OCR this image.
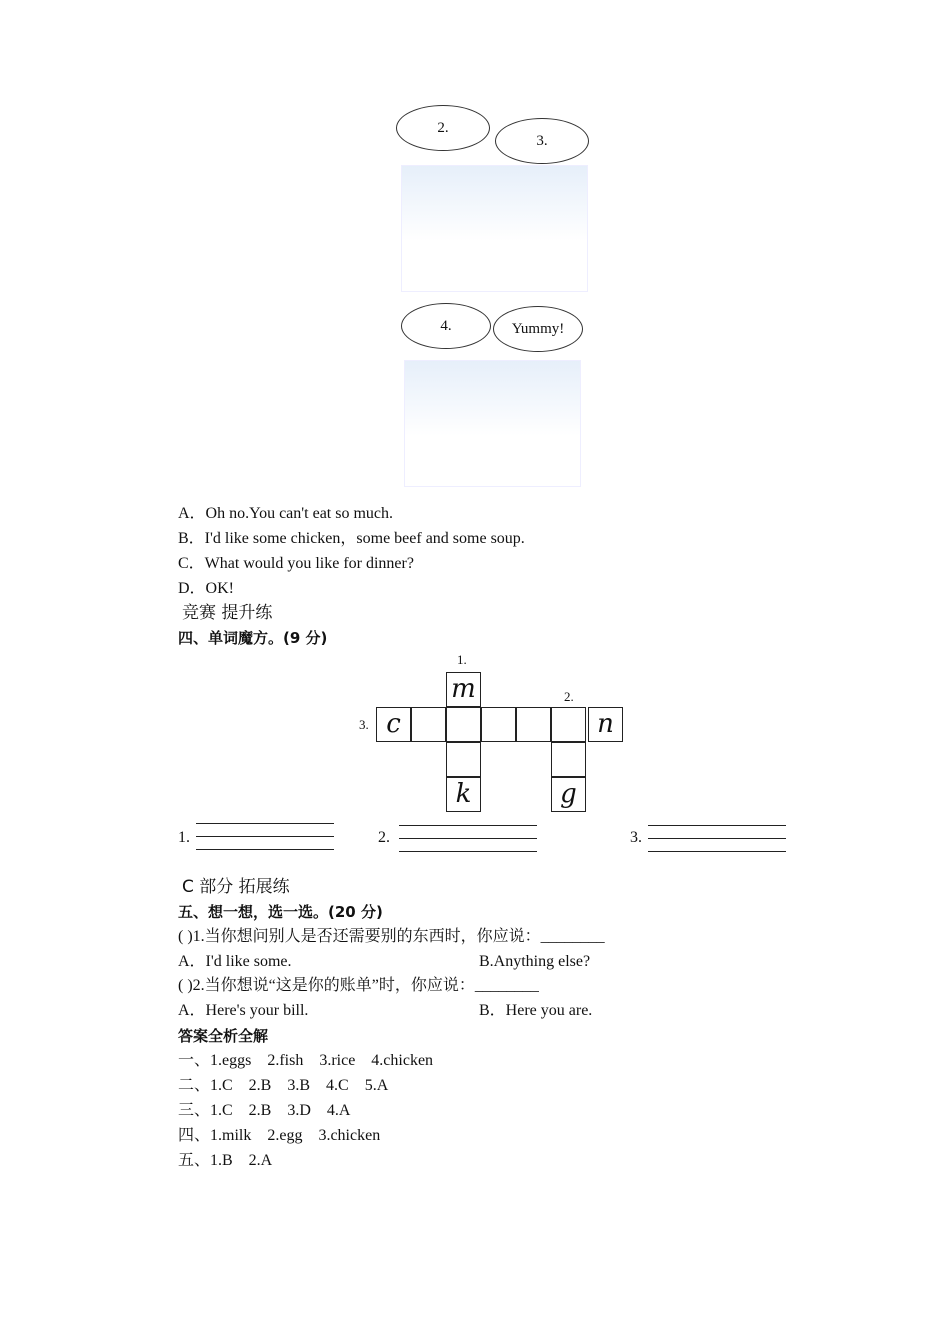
2.
3.
4.	Yummy!
A．Oh no.You can't eat so much.
B．I'd like some chicken，some beef and some soup.
C．What would you like for dinner?
D．OK!
竞赛 提升练
四、单词魔方。(9 分)
1.
2.
3.
m
c	n
k	g
1.	2.	3.
C 部分 拓展练
五、想一想，选一选。(20 分)
( )1.当你想问别人是否还需要别的东西时，你应说：________
A．I'd like some.	B.Anything else?
( )2.当你想说“这是你的账单”时，你应说：________
A．Here's your bill.	B．Here you are.
答案全析全解
一、1.eggs　2.fish　3.rice　4.chicken
二、1.C　2.B　3.B　4.C　5.A
三、1.C　2.B　3.D　4.A
四、1.milk　2.egg　3.chicken
五、1.B　2.A
